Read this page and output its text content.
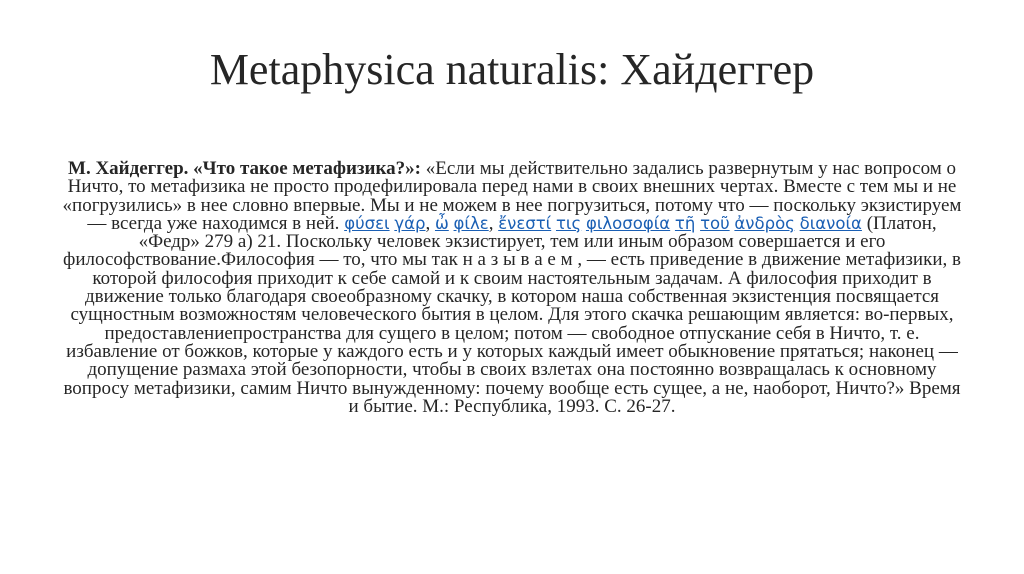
Metaphysica naturalis: Хайдеггер

М. Хайдеггер. «Что такое метафизика?»: «Если мы действительно задались развернутым у нас вопросом о Ничто, то метафизика не просто продефилировала перед нами в своих внешних чертах. Вместе с тем мы и не «погрузились» в нее словно впервые. Мы и не можем в нее погрузиться, потому что — поскольку экзистируем — всегда уже находимся в ней. φύσει γάρ, ὦ φίλε, ἔνεστί τις φιλοσοφία τῆ τοῦ ἀνδρὸς διανοία (Платон, «Федр» 279 а) 21. Поскольку человек экзистирует, тем или иным образом совершается и его философствование.Философия — то, что мы так н а з ы в а е м , — есть приведение в движение метафизики, в которой философия приходит к себе самой и к своим настоятельным задачам. А философия приходит в движение только благодаря своеобразному скачку, в котором наша собственная экзистенция посвящается сущностным возможностям человеческого бытия в целом. Для этого скачка решающим является: во-первых, предоставлениепространства для сущего в целом; потом — свободное отпускание себя в Ничто, т. е. избавление от божков, которые у каждого есть и у которых каждый имеет обыкновение прятаться; наконец — допущение размаха этой безопорности, чтобы в своих взлетах она постоянно возвращалась к основному вопросу метафизики, самим Ничто вынужденному: почему вообще есть сущее, а не, наоборот, Ничто?» Время и бытие. М.: Республика, 1993. С. 26-27.
